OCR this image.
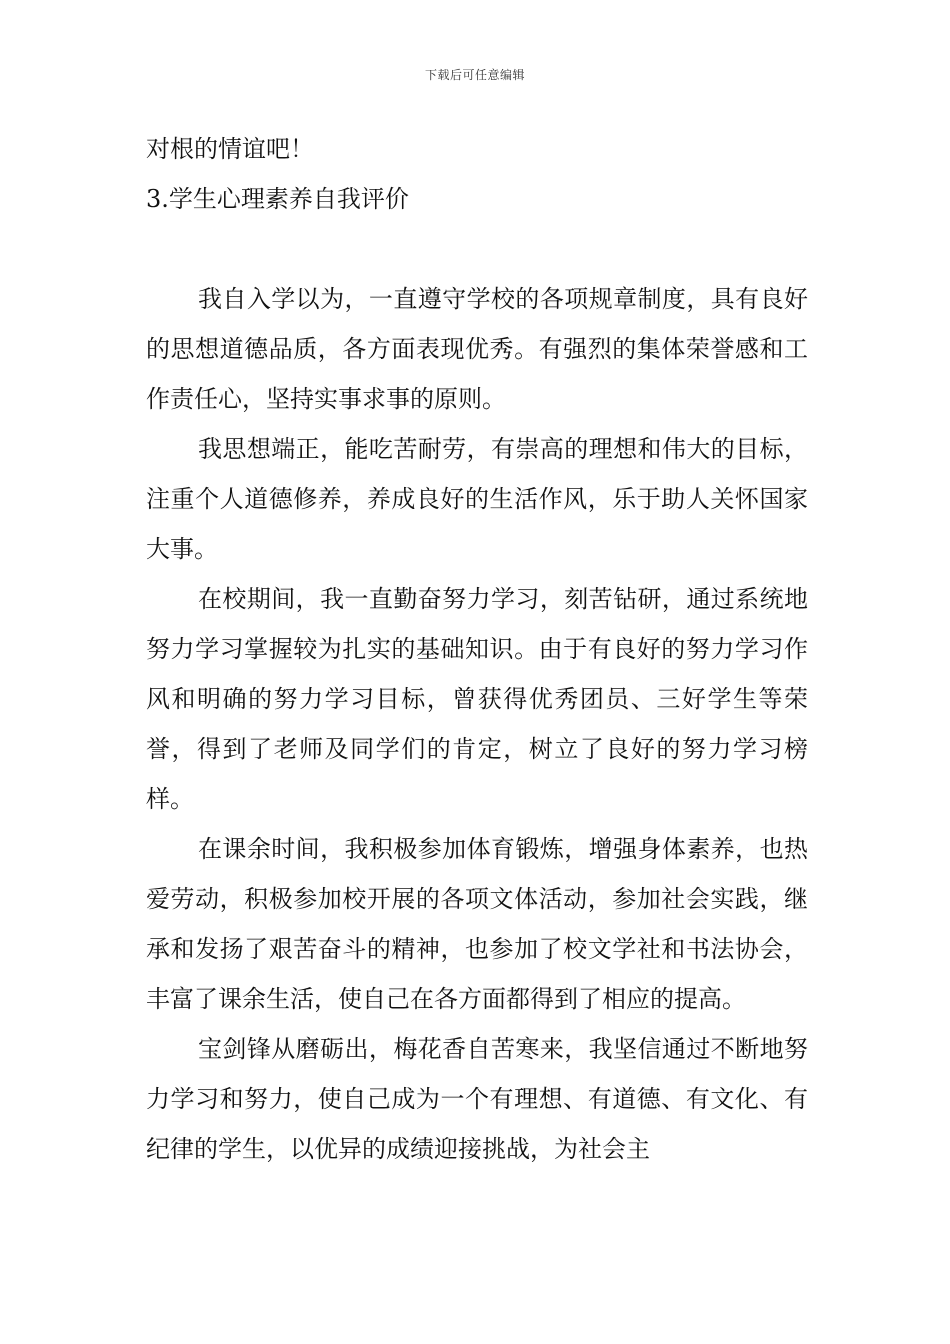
下载后可任意编辑

对根的情谊吧！

3.学生心理素养自我评价

我自入学以为，一直遵守学校的各项规章制度，具有良好的思想道德品质，各方面表现优秀。有强烈的集体荣誉感和工作责任心，坚持实事求事的原则。

我思想端正，能吃苦耐劳，有崇高的理想和伟大的目标，注重个人道德修养，养成良好的生活作风，乐于助人关怀国家大事。

在校期间，我一直勤奋努力学习，刻苦钻研，通过系统地努力学习掌握较为扎实的基础知识。由于有良好的努力学习作风和明确的努力学习目标，曾获得优秀团员、三好学生等荣誉，得到了老师及同学们的肯定，树立了良好的努力学习榜样。

在课余时间，我积极参加体育锻炼，增强身体素养，也热爱劳动，积极参加校开展的各项文体活动，参加社会实践，继承和发扬了艰苦奋斗的精神，也参加了校文学社和书法协会，丰富了课余生活，使自己在各方面都得到了相应的提高。

宝剑锋从磨砺出，梅花香自苦寒来，我坚信通过不断地努力学习和努力，使自己成为一个有理想、有道德、有文化、有纪律的学生，以优异的成绩迎接挑战，为社会主
